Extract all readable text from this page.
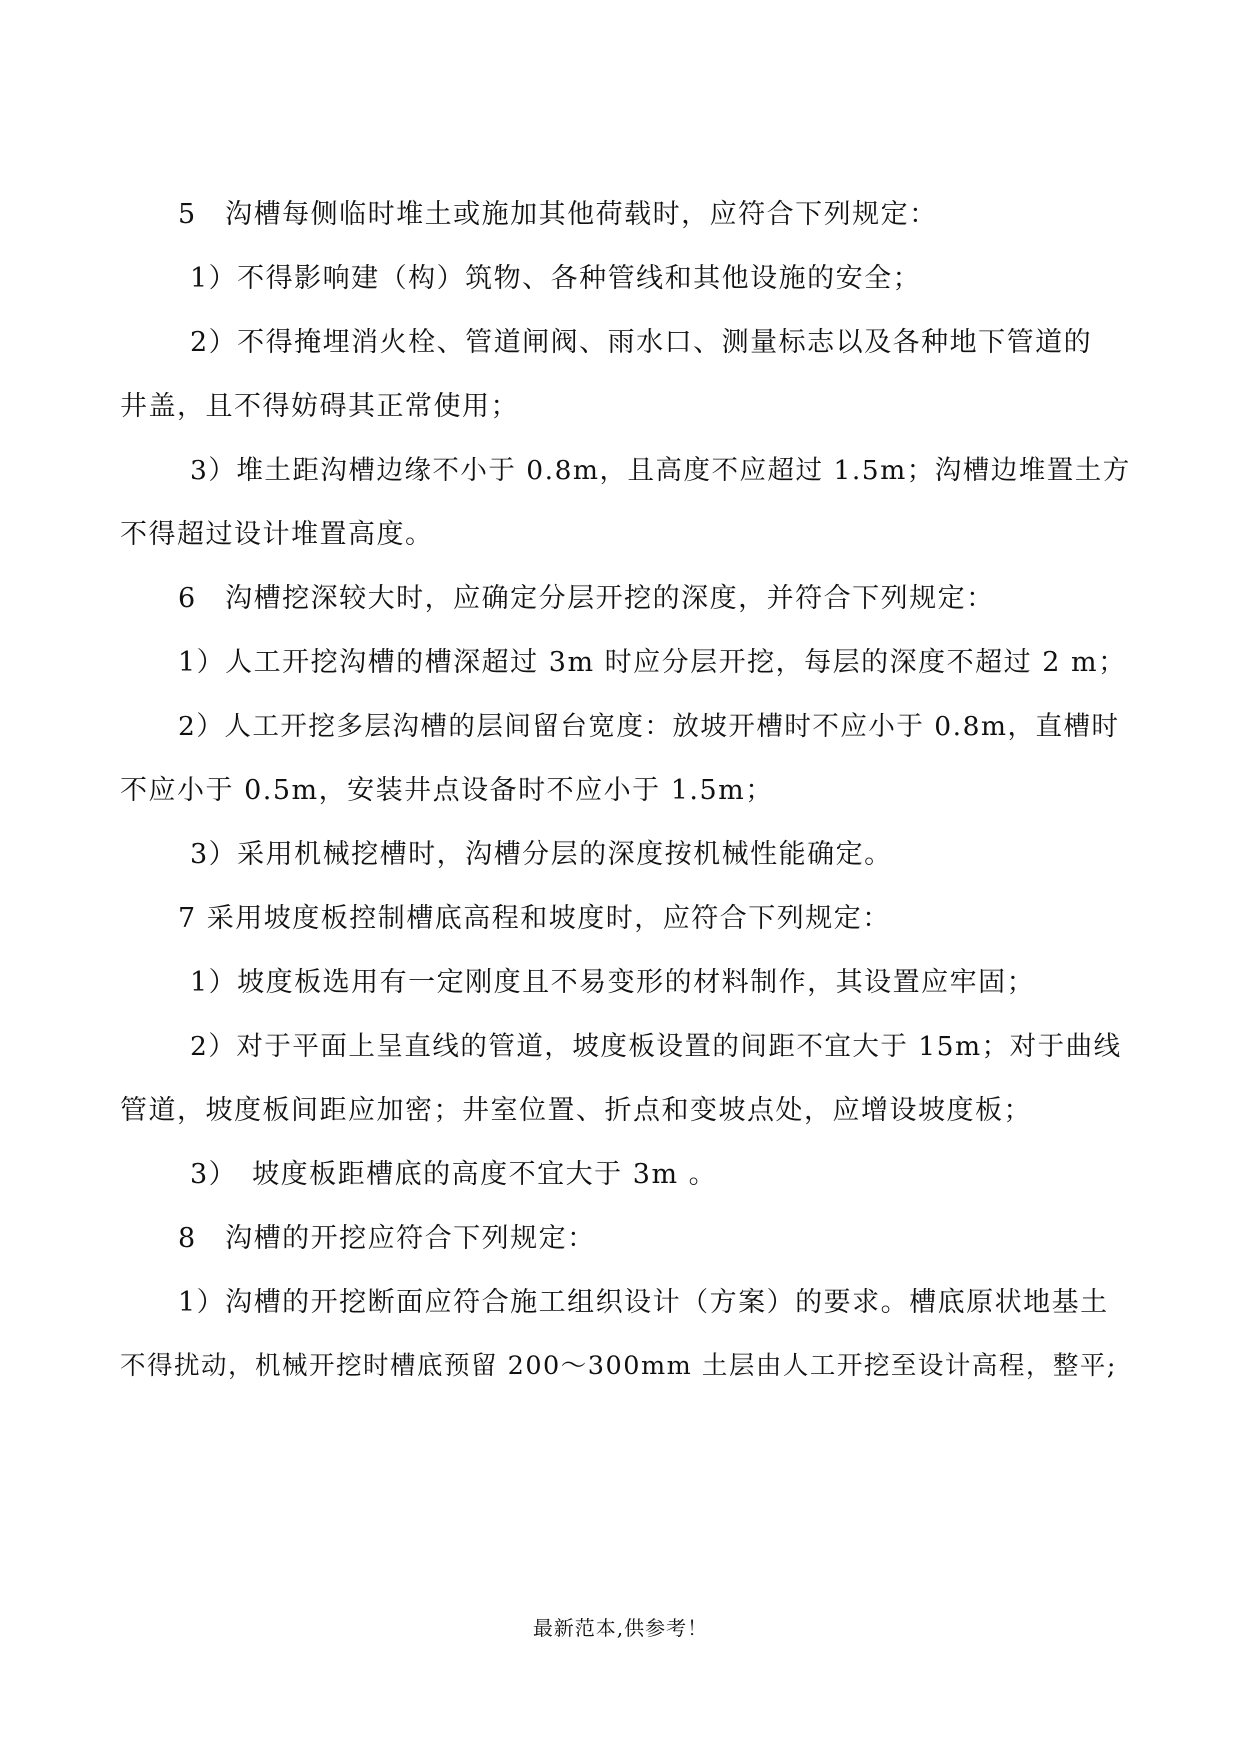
5　沟槽每侧临时堆土或施加其他荷载时，应符合下列规定：

1）不得影响建（构）筑物、各种管线和其他设施的安全；

2）不得掩埋消火栓、管道闸阀、雨水口、测量标志以及各种地下管道的

井盖，且不得妨碍其正常使用；

3）堆土距沟槽边缘不小于 0.8m，且高度不应超过 1.5m；沟槽边堆置土方

不得超过设计堆置高度。

6　沟槽挖深较大时，应确定分层开挖的深度，并符合下列规定：

1）人工开挖沟槽的槽深超过 3m 时应分层开挖，每层的深度不超过 2 m；

2）人工开挖多层沟槽的层间留台宽度：放坡开槽时不应小于 0.8m，直槽时

不应小于 0.5m，安装井点设备时不应小于 1.5m；

3）采用机械挖槽时，沟槽分层的深度按机械性能确定。

7 采用坡度板控制槽底高程和坡度时，应符合下列规定：

1）坡度板选用有一定刚度且不易变形的材料制作，其设置应牢固；

2）对于平面上呈直线的管道，坡度板设置的间距不宜大于 15m；对于曲线

管道，坡度板间距应加密；井室位置、折点和变坡点处，应增设坡度板；

3）　坡度板距槽底的高度不宜大于 3m 。

8　沟槽的开挖应符合下列规定：

1）沟槽的开挖断面应符合施工组织设计（方案）的要求。槽底原状地基土

不得扰动，机械开挖时槽底预留 200～300mm 土层由人工开挖至设计高程，整平;

最新范本,供参考！
